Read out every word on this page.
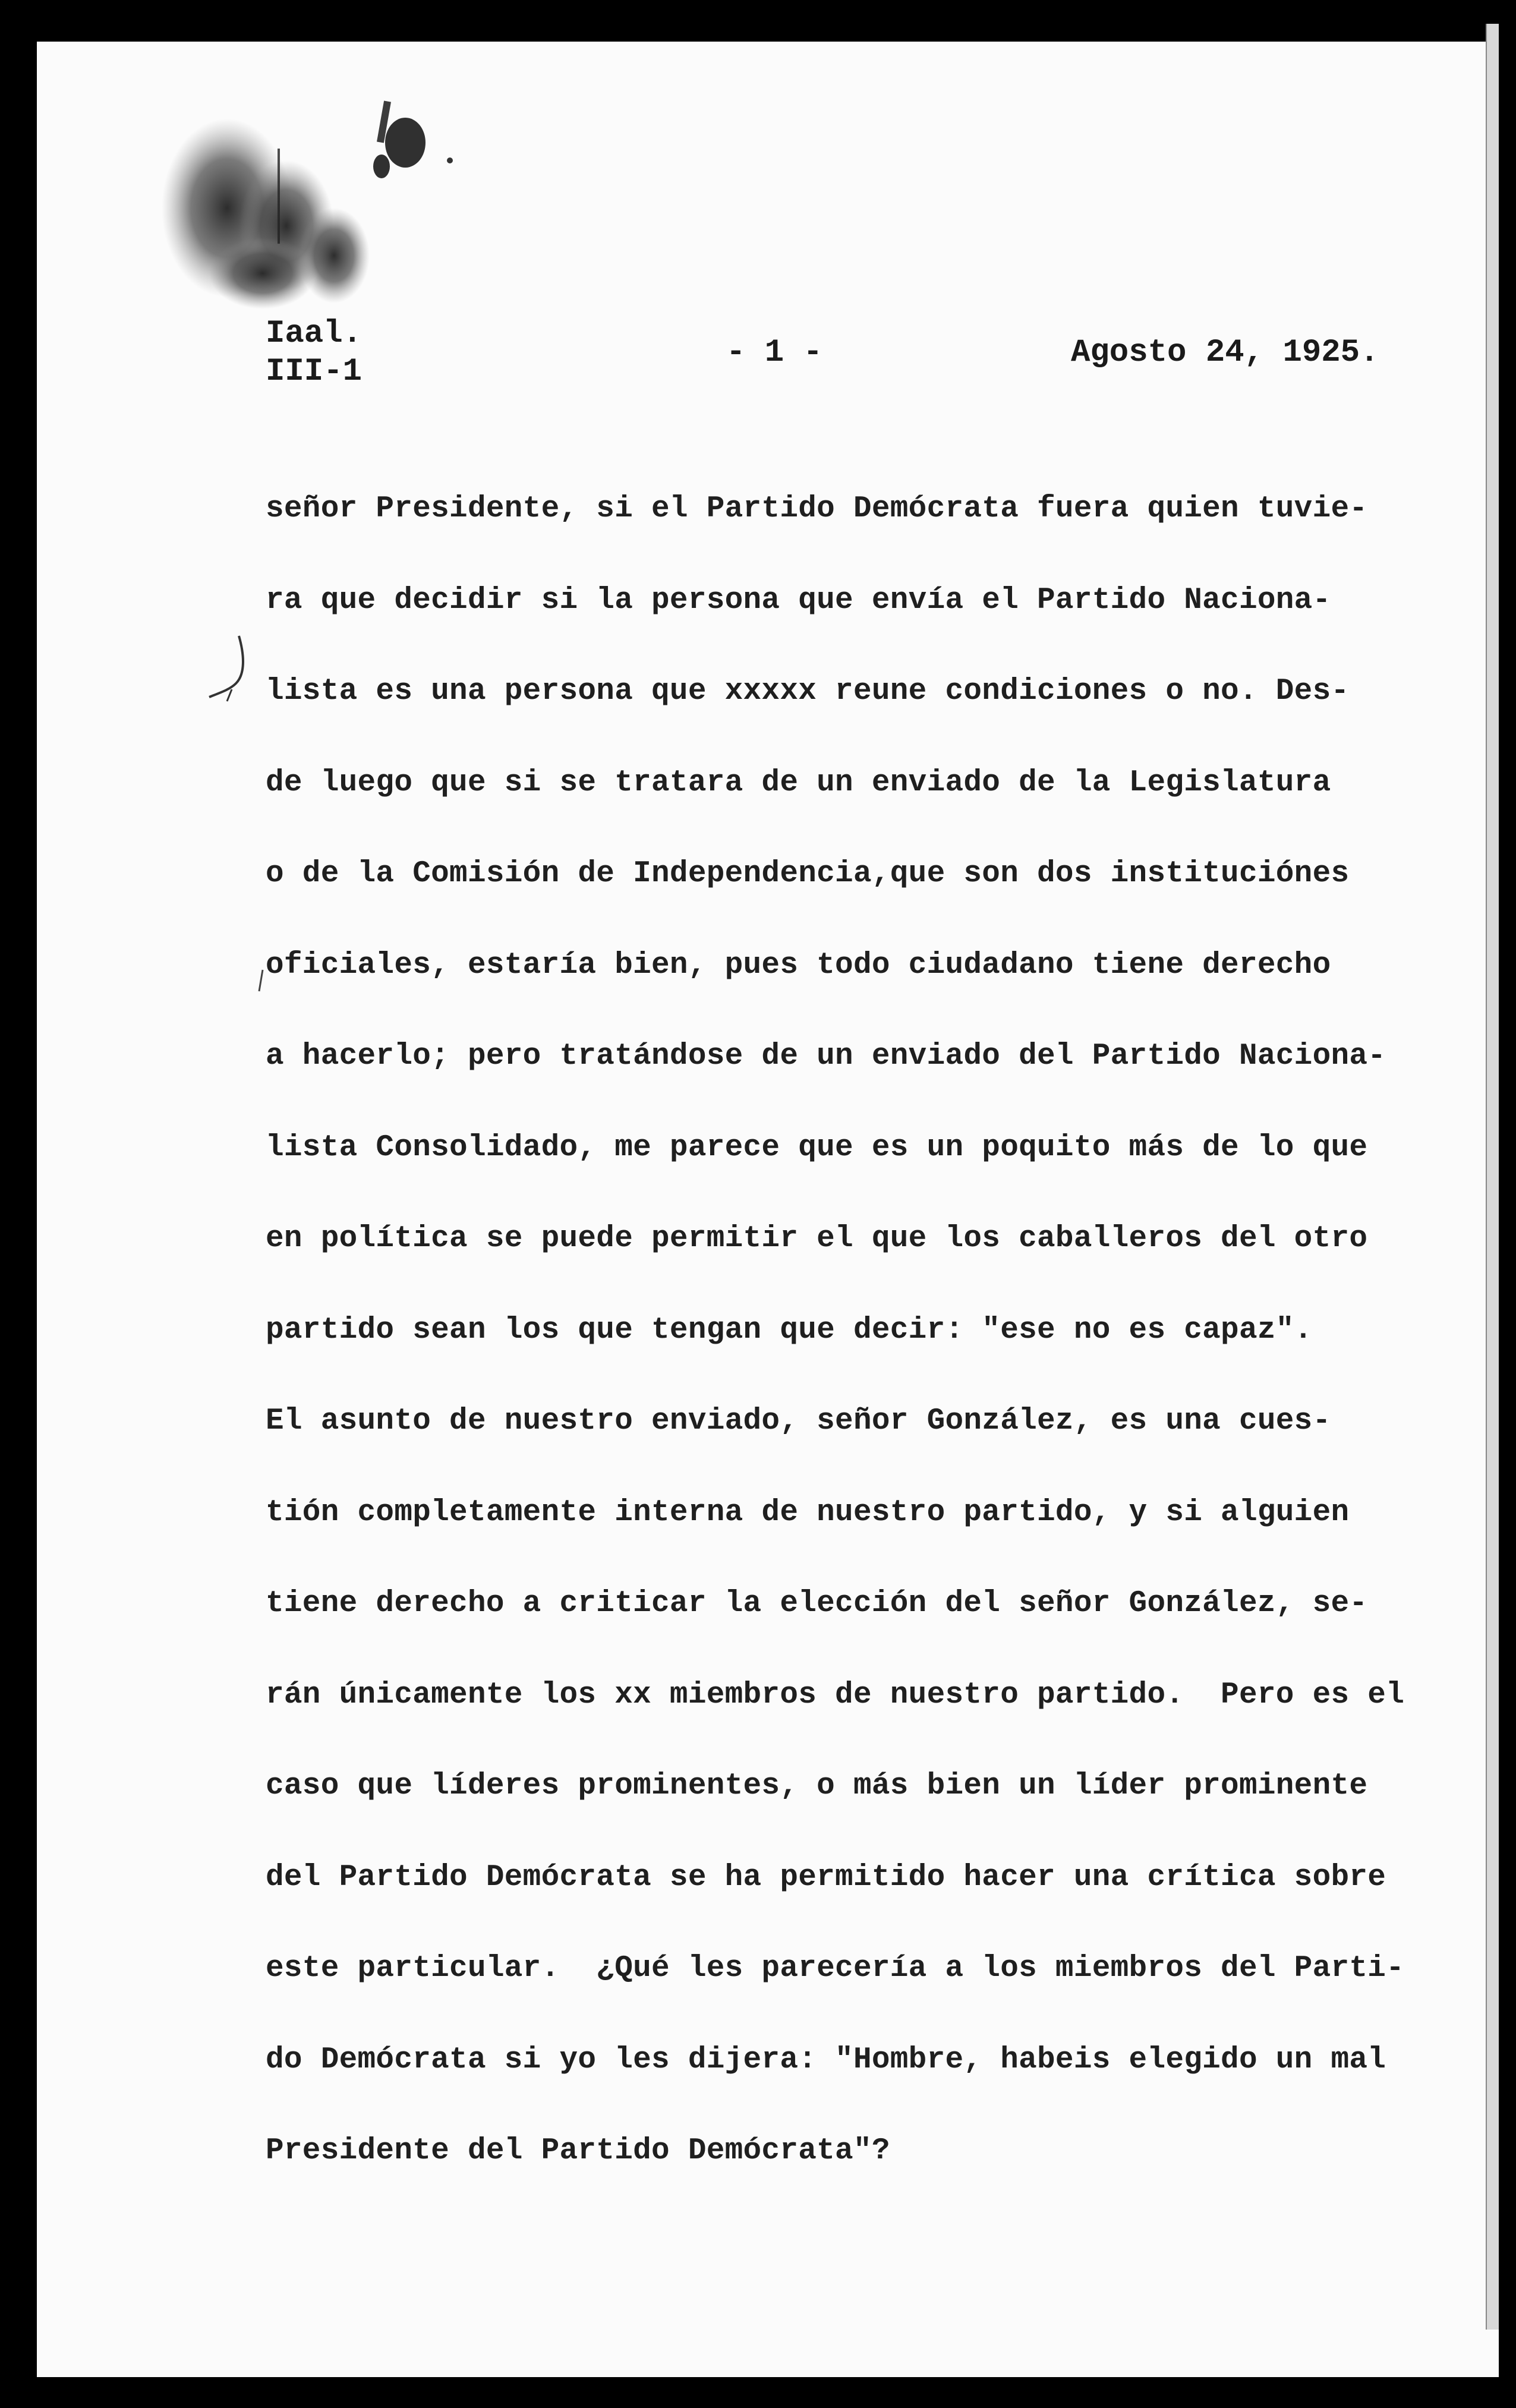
Iaal.
III-1
- 1 -	Agosto 24, 1925.
señor Presidente, si el Partido Demócrata fuera quien tuvie-
ra que decidir si la persona que envía el Partido Naciona-
lista es una persona que xxxxx reune condiciones o no. Des-
de luego que si se tratara de un enviado de la Legislatura
o de la Comisión de Independencia,que son dos instituciónes
oficiales, estaría bien, pues todo ciudadano tiene derecho
a hacerlo; pero tratándose de un enviado del Partido Naciona-
lista Consolidado, me parece que es un poquito más de lo que
en política se puede permitir el que los caballeros del otro
partido sean los que tengan que decir: "ese no es capaz".
El asunto de nuestro enviado, señor González, es una cues-
tión completamente interna de nuestro partido, y si alguien
tiene derecho a criticar la elección del señor González, se-
rán únicamente los xx miembros de nuestro partido.  Pero es el
caso que líderes prominentes, o más bien un líder prominente
del Partido Demócrata se ha permitido hacer una crítica sobre
este particular.  ¿Qué les parecería a los miembros del Parti-
do Demócrata si yo les dijera: "Hombre, habeis elegido un mal
Presidente del Partido Demócrata"?
